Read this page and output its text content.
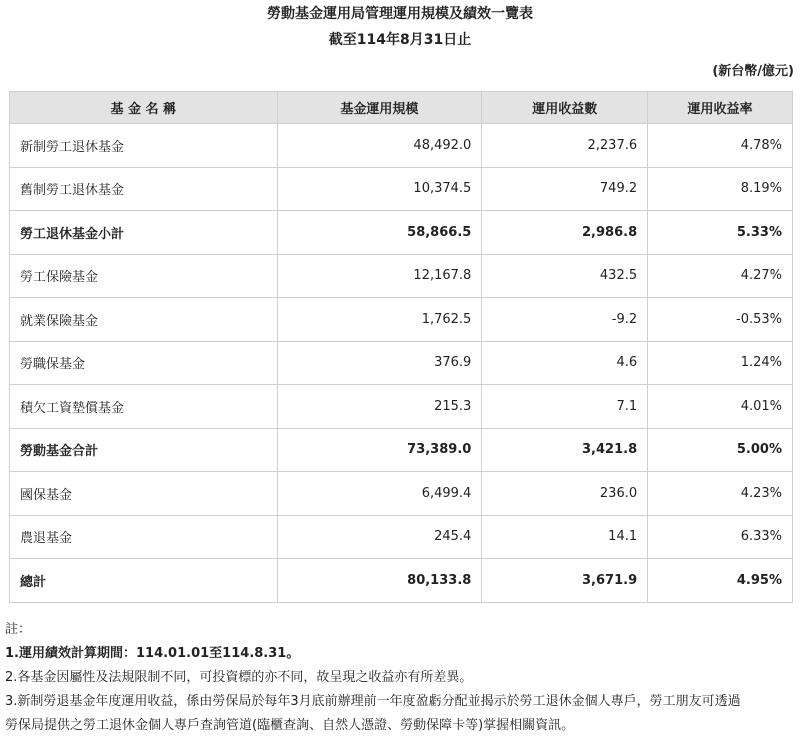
勞動基金運用局管理運用規模及績效一覽表
截至114年8月31日止
(新台幣/億元)
基 金 名 稱	基金運用規模	運用收益數	運用收益率
新制勞工退休基金	48,492.0	2,237.6	4.78%
舊制勞工退休基金	10,374.5	749.2	8.19%
勞工退休基金小計	58,866.5	2,986.8	5.33%
勞工保險基金	12,167.8	432.5	4.27%
就業保險基金	1,762.5	-9.2	-0.53%
勞職保基金	376.9	4.6	1.24%
積欠工資墊償基金	215.3	7.1	4.01%
勞動基金合計	73,389.0	3,421.8	5.00%
國保基金	6,499.4	236.0	4.23%
農退基金	245.4	14.1	6.33%
總計	80,133.8	3,671.9	4.95%
註：
1.運用績效計算期間：114.01.01至114.8.31。
2.各基金因屬性及法規限制不同，可投資標的亦不同，故呈現之收益亦有所差異。
3.新制勞退基金年度運用收益，係由勞保局於每年3月底前辦理前一年度盈虧分配並揭示於勞工退休金個人專戶，勞工朋友可透過
勞保局提供之勞工退休金個人專戶查詢管道(臨櫃查詢、自然人憑證、勞動保障卡等)掌握相關資訊。
